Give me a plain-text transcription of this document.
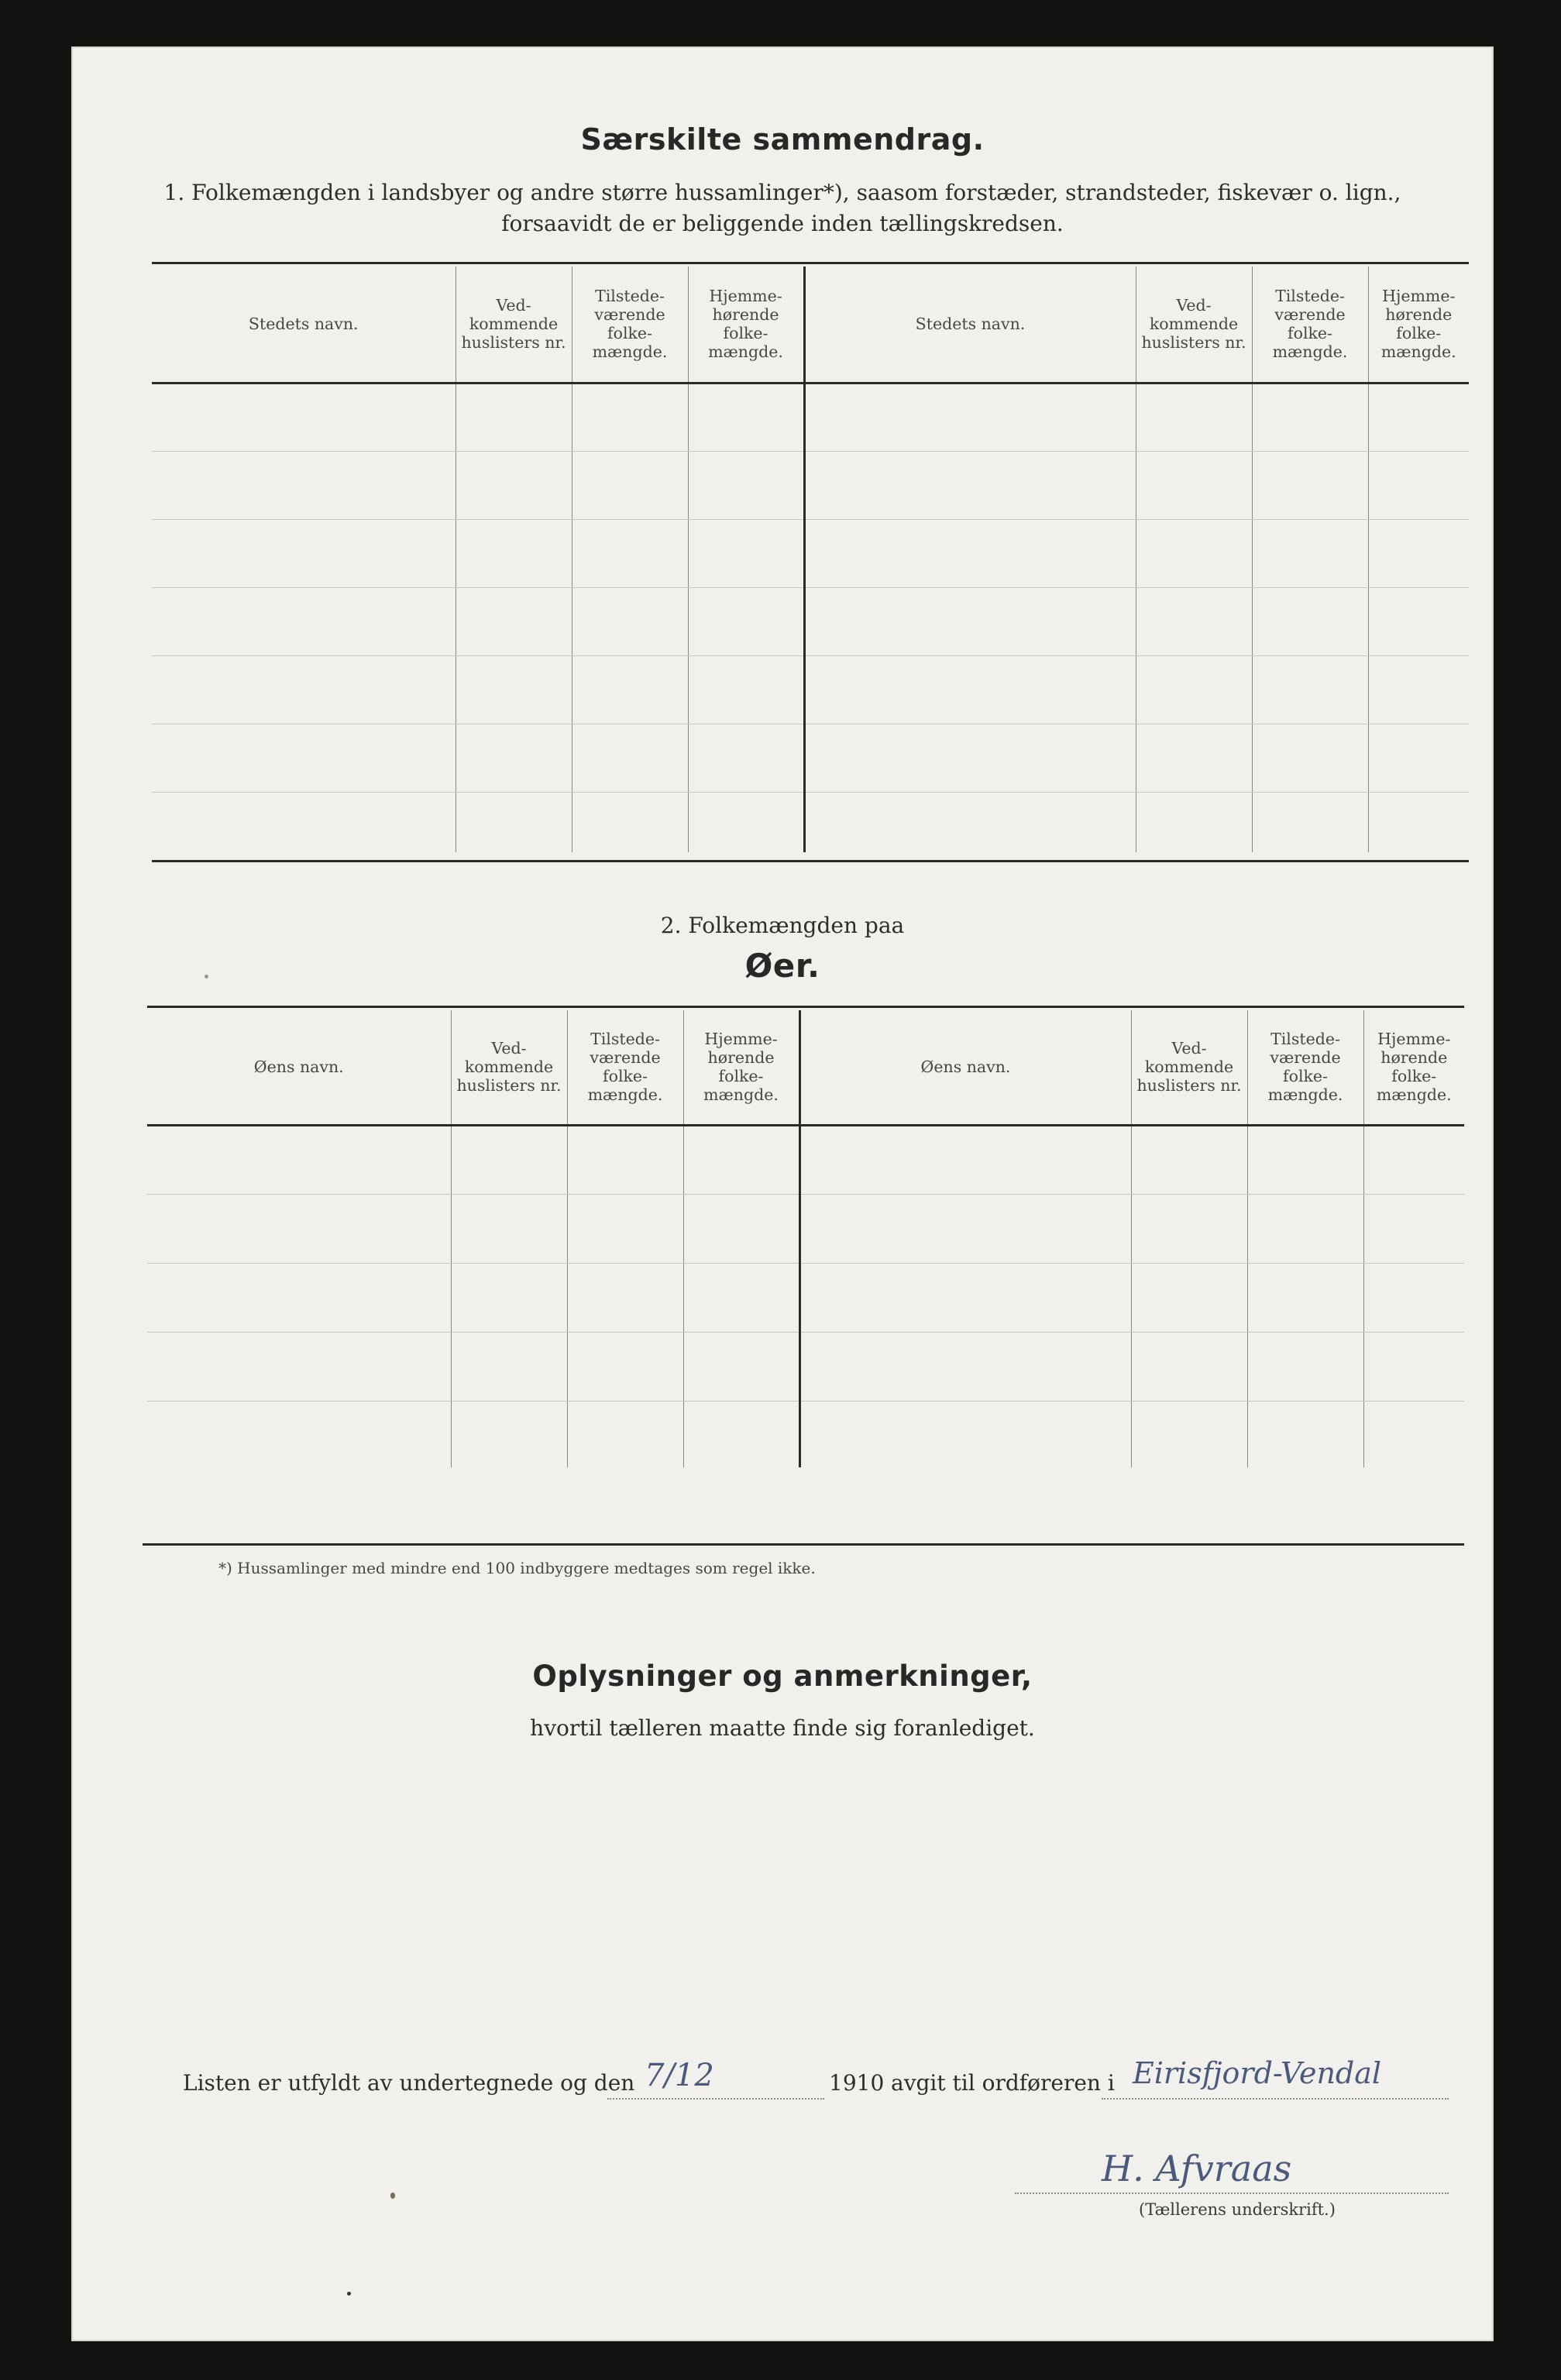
Særskilte sammendrag.
1. Folkemængden i landsbyer og andre større hussamlinger*), saasom forstæder, strandsteder, fiskevær o. lign.,
forsaavidt de er beliggende inden tællingskredsen.
Stedets navn.	Ved-kommende huslisters nr.	Tilstede-værende folke-mængde.	Hjemme-hørende folke-mængde.	Stedets navn.	Ved-kommende huslisters nr.	Tilstede-værende folke-mængde.	Hjemme-hørende folke-mængde.

2. Folkemængden paa
Øer.
Øens navn.	Ved-kommende huslisters nr.	Tilstede-værende folke-mængde.	Hjemme-hørende folke-mængde.	Øens navn.	Ved-kommende huslisters nr.	Tilstede-værende folke-mængde.	Hjemme-hørende folke-mængde.

*) Hussamlinger med mindre end 100 indbyggere medtages som regel ikke.
Oplysninger og anmerkninger,
hvortil tælleren maatte finde sig foranlediget.
Listen er utfyldt av undertegnede og den 7/12	1910 avgit til ordføreren i Eirisfjord-Vendal
H. Afvraas
(Tællerens underskrift.)
